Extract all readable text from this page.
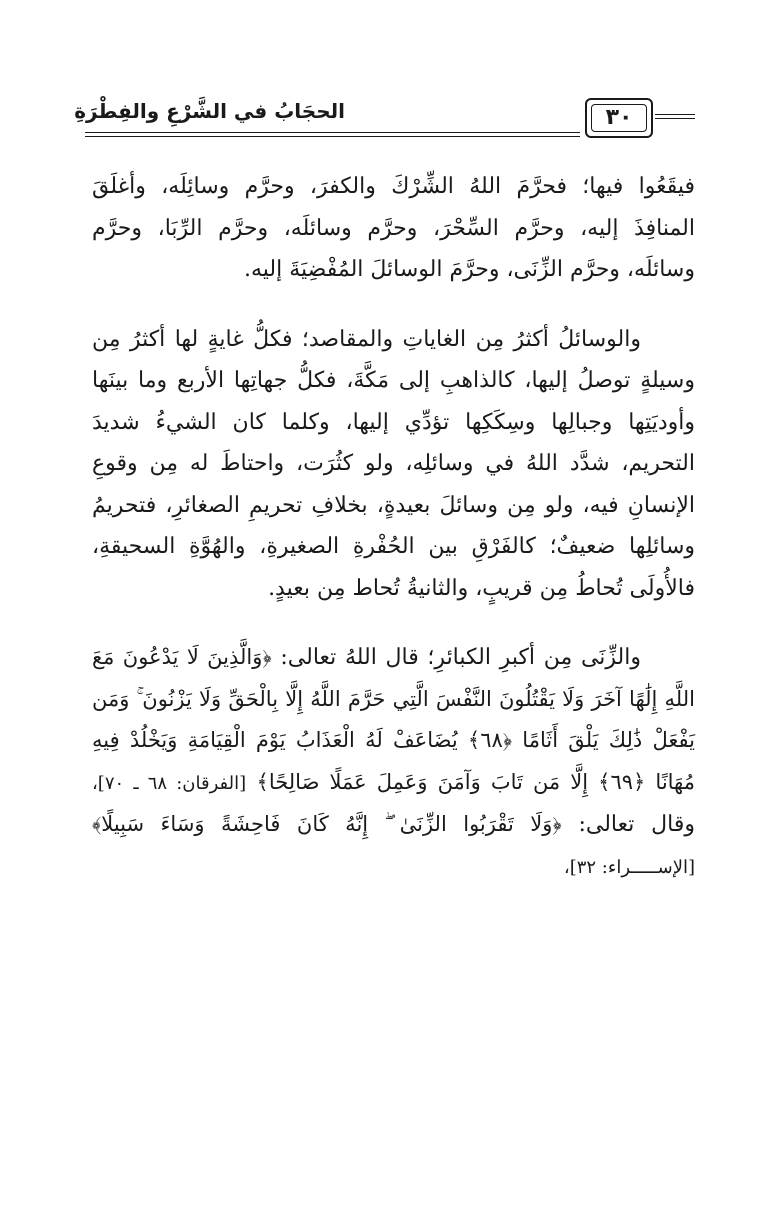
الحجَابُ في الشَّرْعِ والفِطْرَةِ	٣٠

فيقَعُوا فيها؛ فحرَّمَ اللهُ الشِّرْكَ والكفرَ، وحرَّم وسائِلَه، وأغلَقَ المنافِذَ إليه، وحرَّم السِّحْرَ، وحرَّم وسائلَه، وحرَّم الرِّبَا، وحرَّم وسائلَه، وحرَّم الزِّنَى، وحرَّمَ الوسائلَ المُفْضِيَةَ إليه.

والوسائلُ أكثرُ مِن الغاياتِ والمقاصد؛ فكلُّ غايةٍ لها أكثرُ مِن وسيلةٍ توصلُ إليها، كالذاهبِ إلى مَكَّةَ، فكلُّ جهاتِها الأربع وما بينَها وأوديَتِها وجبالِها وسِكَكِها تؤدِّي إليها، وكلما كان الشيءُ شديدَ التحريم، شدَّد اللهُ في وسائلِه، ولو كثُرَت، واحتاطَ له مِن وقوعِ الإنسانِ فيه، ولو مِن وسائلَ بعيدةٍ، بخلافِ تحريمِ الصغائرِ، فتحريمُ وسائلِها ضعيفٌ؛ كالفَرْقِ بين الحُفْرةِ الصغيرةِ، والهُوَّةِ السحيقةِ، فالأُولَى تُحاطُ مِن قريبٍ، والثانيةُ تُحاط مِن بعيدٍ.

والزِّنَى مِن أكبرِ الكبائرِ؛ قال اللهُ تعالى: ﴿وَالَّذِينَ لَا يَدْعُونَ مَعَ اللَّهِ إِلَٰهًا آخَرَ وَلَا يَقْتُلُونَ النَّفْسَ الَّتِي حَرَّمَ اللَّهُ إِلَّا بِالْحَقِّ وَلَا يَزْنُونَ ۚ وَمَن يَفْعَلْ ذَٰلِكَ يَلْقَ أَثَامًا ﴿٦٨﴾ يُضَاعَفْ لَهُ الْعَذَابُ يَوْمَ الْقِيَامَةِ وَيَخْلُدْ فِيهِ مُهَانًا ﴿٦٩﴾ إِلَّا مَن تَابَ وَآمَنَ وَعَمِلَ عَمَلًا صَالِحًا﴾ [الفرقان: ٦٨ ـ ٧٠]، وقال تعالى: ﴿وَلَا تَقْرَبُوا الزِّنَىٰ ۖ إِنَّهُ كَانَ فَاحِشَةً وَسَاءَ سَبِيلًا﴾ [الإســـــراء: ٣٢]،
